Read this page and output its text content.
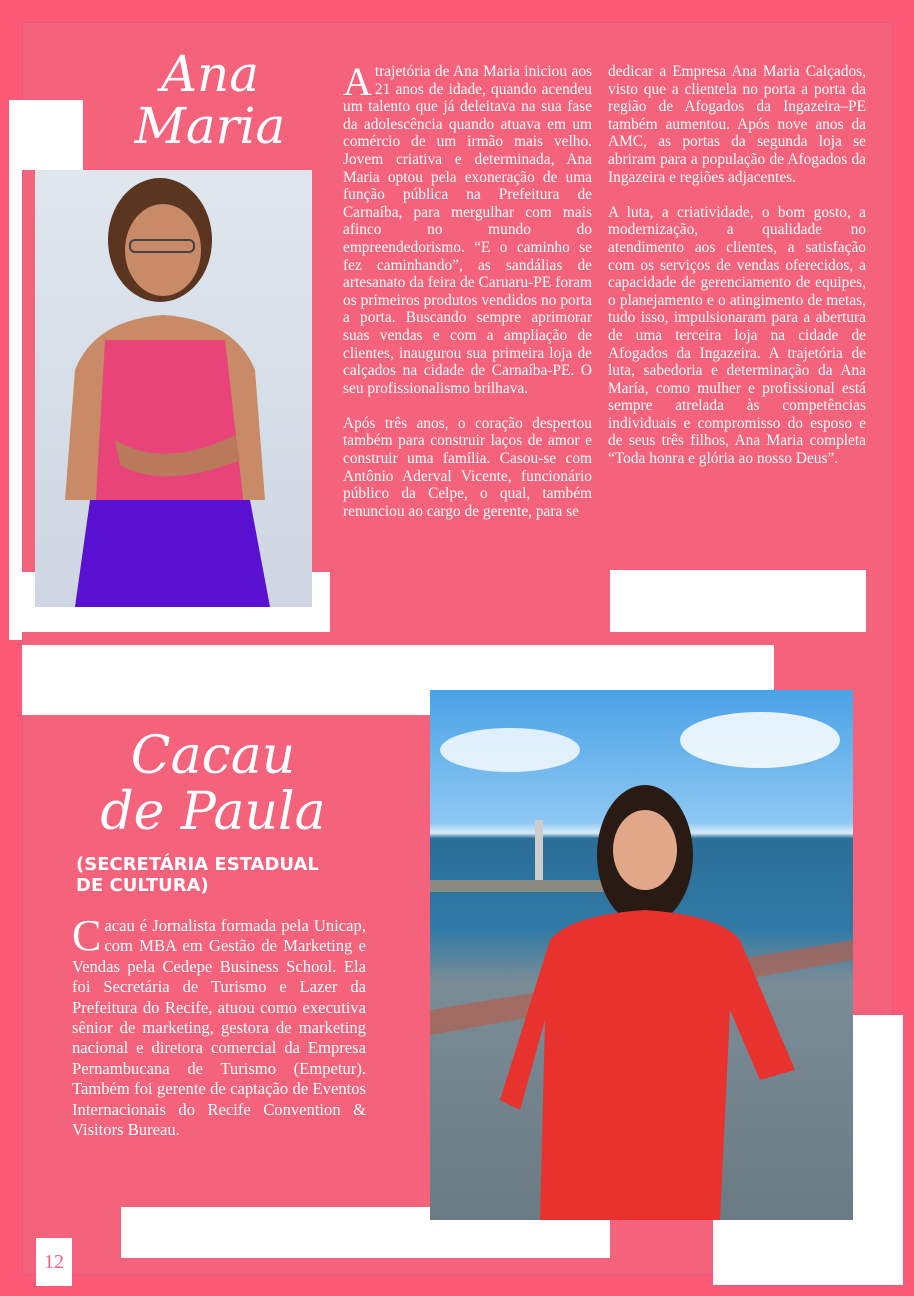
Ana
Maria

Atrajetória de Ana Maria iniciou aos 21 anos de idade, quando acendeu um talento que já deleitava na sua fase da adolescência quando atuava em um comércio de um irmão mais velho. Jovem criativa e determinada, Ana Maria optou pela exoneração de uma função pública na Prefeitura de Carnaíba, para mergulhar com mais afinco no mundo do empreendedorismo. “E o caminho se fez caminhando”, as sandálias de artesanato da feira de Caruaru-PE foram os primeiros produtos vendidos no porta a porta. Buscando sempre aprimorar suas vendas e com a ampliação de clientes, inaugurou sua primeira loja de calçados na cidade de Carnaíba-PE. O seu profissionalismo brilhava.

Após três anos, o coração despertou também para construir laços de amor e construir uma família. Casou-se com Antônio Aderval Vicente, funcionário público da Celpe, o qual, também renunciou ao cargo de gerente, para se

dedicar a Empresa Ana Maria Calçados, visto que a clientela no porta a porta da região de Afogados da Ingazeira–PE também aumentou. Após nove anos da AMC, as portas da segunda loja se abriram para a população de Afogados da Ingazeira e regiões adjacentes.

A luta, a criatividade, o bom gosto, a modernização, a qualidade no atendimento aos clientes, a satisfação com os serviços de vendas oferecidos, a capacidade de gerenciamento de equipes, o planejamento e o atingimento de metas, tudo isso, impulsionaram para a abertura de uma terceira loja na cidade de Afogados da Ingazeira. A trajetória de luta, sabedoria e determinação da Ana María, como mulher e profissional está sempre atrelada às competências individuais e compromisso do esposo e de seus três filhos, Ana Maria completa “Toda honra e glória ao nosso Deus”.

Cacau
de Paula
(SECRETÁRIA ESTADUAL
DE CULTURA)
Cacau é Jornalista formada pela Unicap, com MBA em Gestão de Marketing e Vendas pela Cedepe Business School. Ela foi Secretária de Turismo e Lazer da Prefeitura do Recife, atuou como executiva sênior de marketing, gestora de marketing nacional e diretora comercial da Empresa Pernambucana de Turismo (Empetur). Também foi gerente de captação de Eventos Internacionais do Recife Convention & Visitors Bureau.
12
